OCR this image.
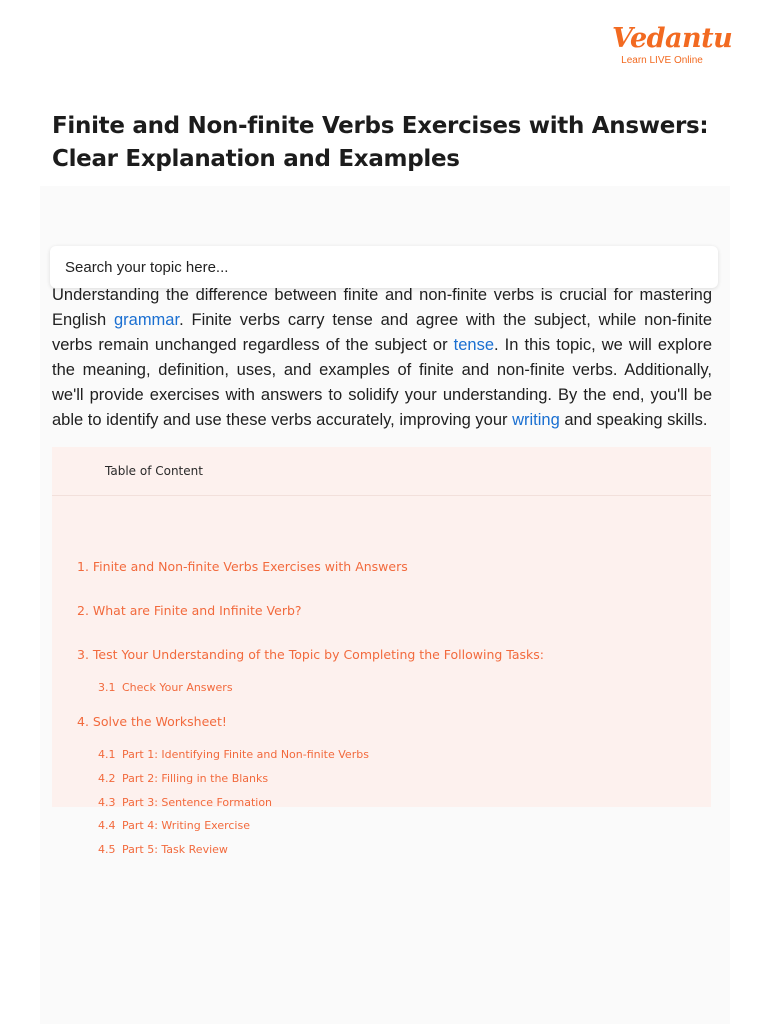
Vedantu
Learn LIVE Online
Finite and Non-finite Verbs Exercises with Answers: Clear Explanation and Examples
Search your topic here...

Understanding the difference between finite and non-finite verbs is crucial for mastering English grammar. Finite verbs carry tense and agree with the subject, while non-finite verbs remain unchanged regardless of the subject or tense. In this topic, we will explore the meaning, definition, uses, and examples of finite and non-finite verbs. Additionally, we'll provide exercises with answers to solidify your understanding. By the end, you'll be able to identify and use these verbs accurately, improving your writing and speaking skills.

Table of Content
1. Finite and Non-finite Verbs Exercises with Answers
2. What are Finite and Infinite Verb?
3. Test Your Understanding of the Topic by Completing the Following Tasks:
3.1 Check Your Answers
4. Solve the Worksheet!
4.1 Part 1: Identifying Finite and Non-finite Verbs
4.2 Part 2: Filling in the Blanks
4.3 Part 3: Sentence Formation
4.4 Part 4: Writing Exercise
4.5 Part 5: Task Review
